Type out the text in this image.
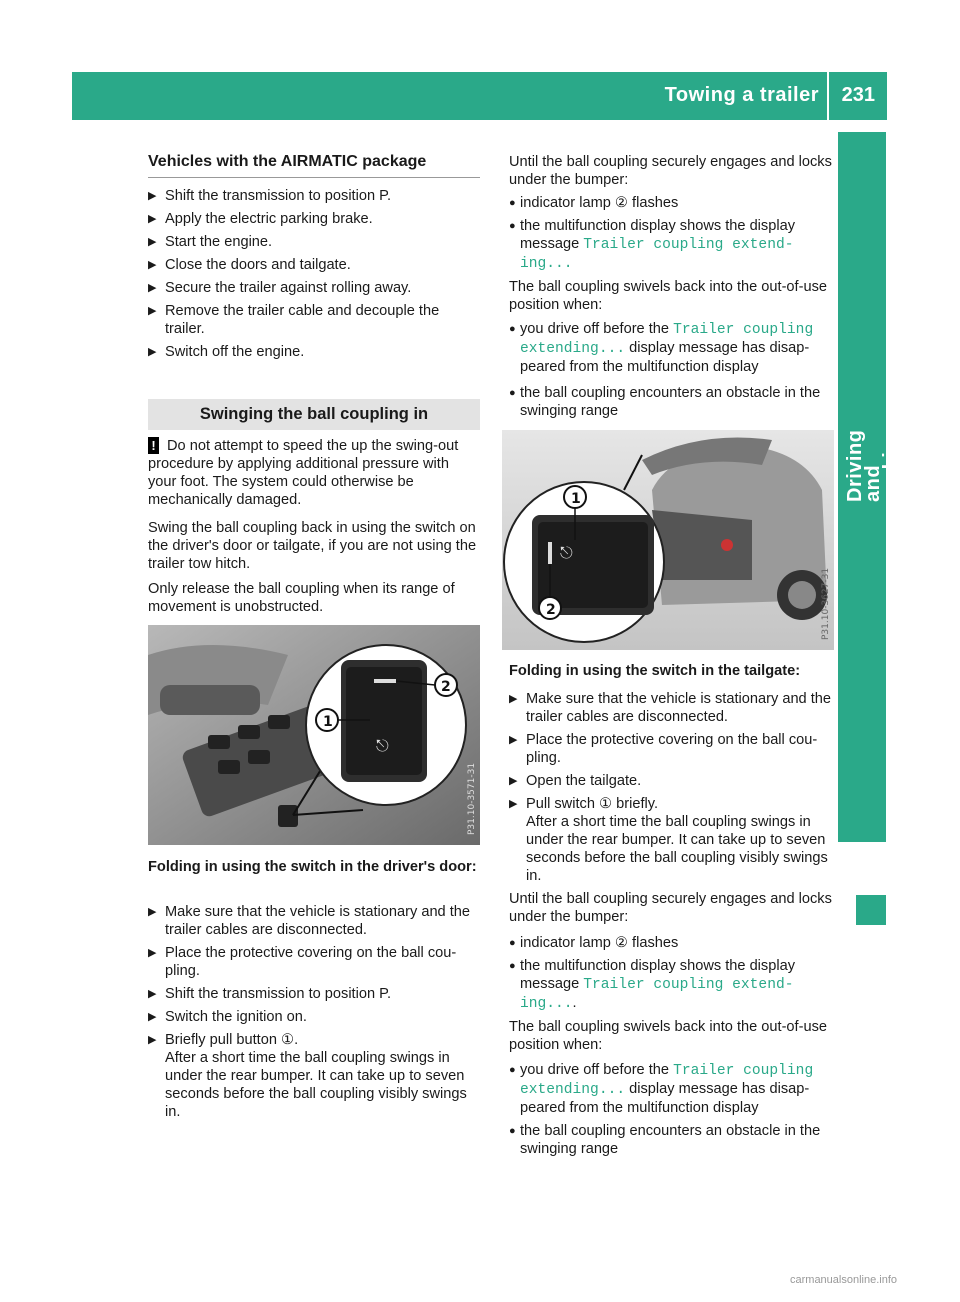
Towing a trailer 231
Driving and parking
Vehicles with the AIRMATIC package
▶ Shift the transmission to position P.
▶ Apply the electric parking brake.
▶ Start the engine.
▶ Close the doors and tailgate.
▶ Secure the trailer against rolling away.
▶ Remove the trailer cable and decouple the trailer.
▶ Switch off the engine.
Swinging the ball coupling in
! Do not attempt to speed the up the swing-out procedure by applying additional pressure with your foot. The system could otherwise be mechanically damaged.
Swing the ball coupling back in using the switch on the driver's door or tailgate, if you are not using the trailer tow hitch.
Only release the ball coupling when its range of movement is unobstructed.
⎋
2
1
P31.10-3571-31
Folding in using the switch in the driver's door:
▶ Make sure that the vehicle is stationary and the trailer cables are disconnected.
▶ Place the protective covering on the ball cou-pling.
▶ Shift the transmission to position P.
▶ Switch the ignition on.
▶ Briefly pull button ①.
After a short time the ball coupling swings in under the rear bumper. It can take up to seven seconds before the ball coupling visibly swings in.
Until the ball coupling securely engages and locks under the bumper:
● indicator lamp ② flashes
● the multifunction display shows the display message Trailer coupling extend‐
ing...
The ball coupling swivels back into the out-of-use position when:
● you drive off before the Trailer coupling
extending... display message has disap-
peared from the multifunction display
● the ball coupling encounters an obstacle in the swinging range
⎋
1
2	P31.10-3627-31
Folding in using the switch in the tailgate:
▶ Make sure that the vehicle is stationary and the trailer cables are disconnected.
▶ Place the protective covering on the ball cou-pling.
▶ Open the tailgate.
▶ Pull switch ① briefly.
After a short time the ball coupling swings in under the rear bumper. It can take up to seven seconds before the ball coupling visibly swings in.
Until the ball coupling securely engages and locks under the bumper:
● indicator lamp ② flashes
● the multifunction display shows the display message Trailer coupling extend‐
ing....
The ball coupling swivels back into the out-of-use position when:
● you drive off before the Trailer coupling
extending... display message has disap-
peared from the multifunction display
● the ball coupling encounters an obstacle in the swinging range
carmanualsonline.info
